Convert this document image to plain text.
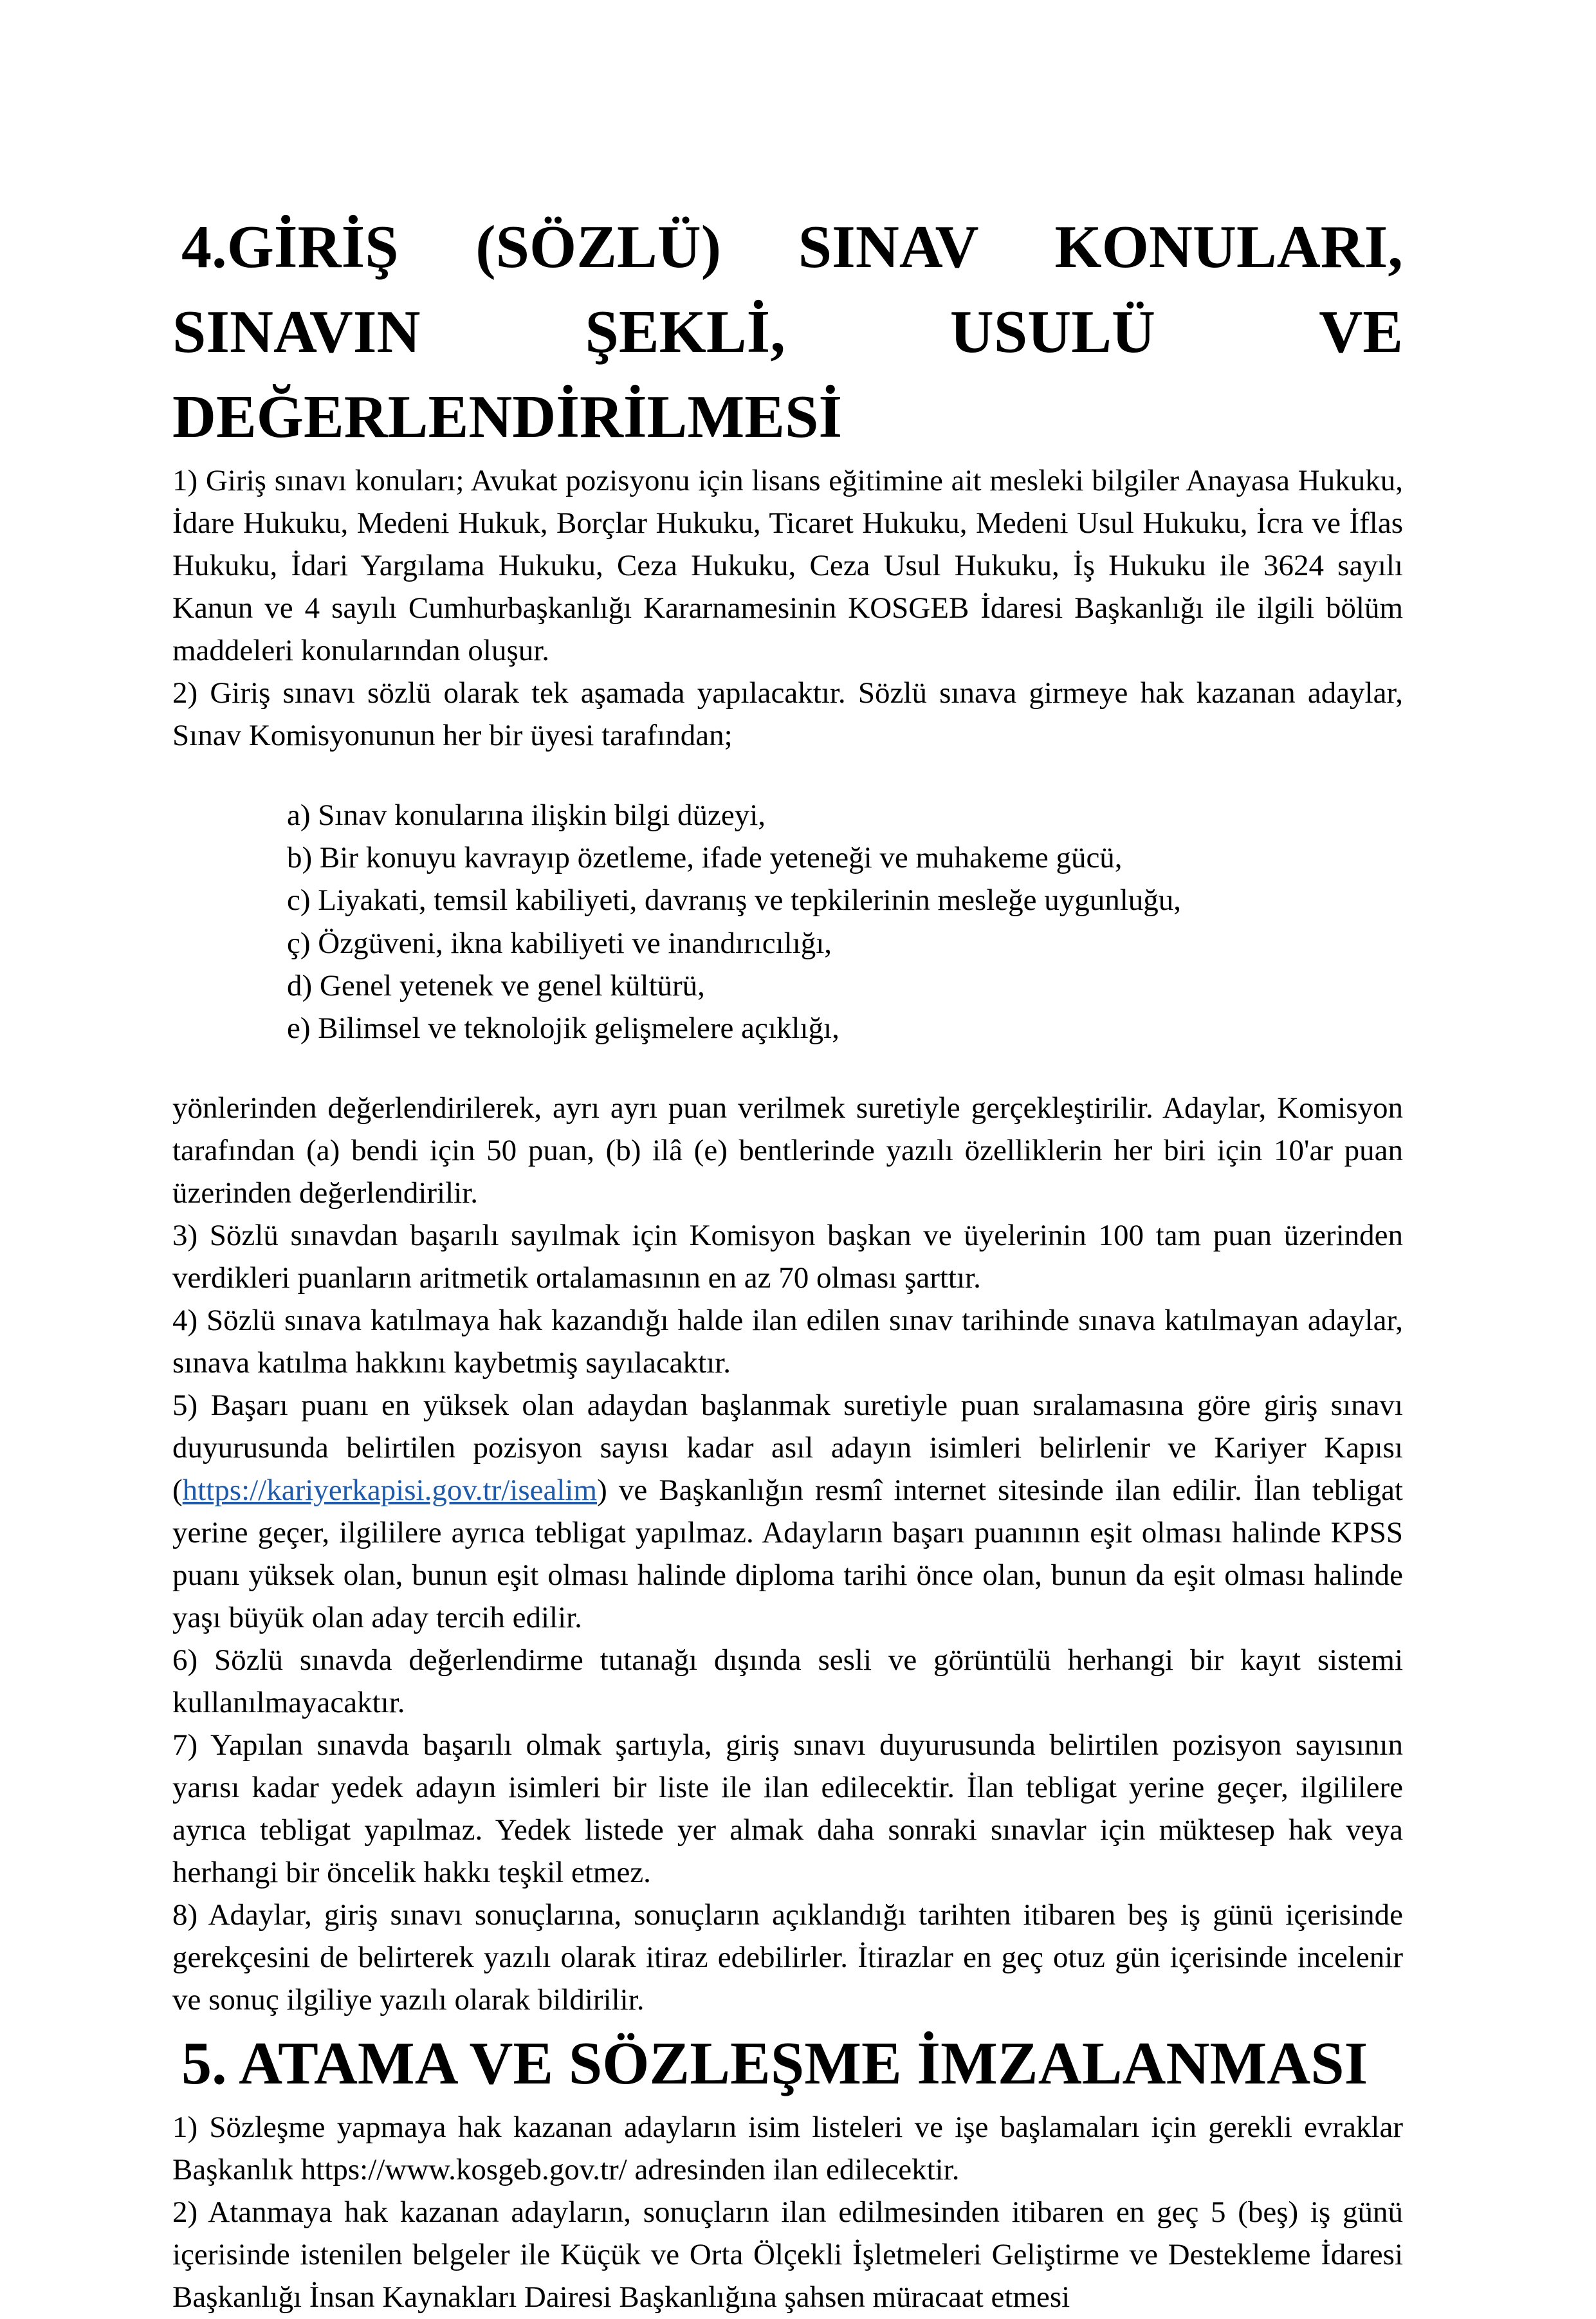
4.GİRİŞ (SÖZLÜ) SINAV KONULARI, SINAVIN ŞEKLİ, USULÜ VE DEĞERLENDİRİLMESİ

1) Giriş sınavı konuları; Avukat pozisyonu için lisans eğitimine ait mesleki bilgiler Anayasa Hukuku, İdare Hukuku, Medeni Hukuk, Borçlar Hukuku, Ticaret Hukuku, Medeni Usul Hukuku, İcra ve İflas Hukuku, İdari Yargılama Hukuku, Ceza Hukuku, Ceza Usul Hukuku, İş Hukuku ile 3624 sayılı Kanun ve 4 sayılı Cumhurbaşkanlığı Kararnamesinin KOSGEB İdaresi Başkanlığı ile ilgili bölüm maddeleri konularından oluşur.

2) Giriş sınavı sözlü olarak tek aşamada yapılacaktır. Sözlü sınava girmeye hak kazanan adaylar, Sınav Komisyonunun her bir üyesi tarafından;

a) Sınav konularına ilişkin bilgi düzeyi,
b) Bir konuyu kavrayıp özetleme, ifade yeteneği ve muhakeme gücü,
c) Liyakati, temsil kabiliyeti, davranış ve tepkilerinin mesleğe uygunluğu,
ç) Özgüveni, ikna kabiliyeti ve inandırıcılığı,
d) Genel yetenek ve genel kültürü,
e) Bilimsel ve teknolojik gelişmelere açıklığı,

yönlerinden değerlendirilerek, ayrı ayrı puan verilmek suretiyle gerçekleştirilir. Adaylar, Komisyon tarafından (a) bendi için 50 puan, (b) ilâ (e) bentlerinde yazılı özelliklerin her biri için 10'ar puan üzerinden değerlendirilir.

3) Sözlü sınavdan başarılı sayılmak için Komisyon başkan ve üyelerinin 100 tam puan üzerinden verdikleri puanların aritmetik ortalamasının en az 70 olması şarttır.

4) Sözlü sınava katılmaya hak kazandığı halde ilan edilen sınav tarihinde sınava katılmayan adaylar, sınava katılma hakkını kaybetmiş sayılacaktır.

5) Başarı puanı en yüksek olan adaydan başlanmak suretiyle puan sıralamasına göre giriş sınavı duyurusunda belirtilen pozisyon sayısı kadar asıl adayın isimleri belirlenir ve Kariyer Kapısı (https://kariyerkapisi.gov.tr/isealim) ve Başkanlığın resmî internet sitesinde ilan edilir. İlan tebligat yerine geçer, ilgililere ayrıca tebligat yapılmaz. Adayların başarı puanının eşit olması halinde KPSS puanı yüksek olan, bunun eşit olması halinde diploma tarihi önce olan, bunun da eşit olması halinde yaşı büyük olan aday tercih edilir.

6) Sözlü sınavda değerlendirme tutanağı dışında sesli ve görüntülü herhangi bir kayıt sistemi kullanılmayacaktır.

7) Yapılan sınavda başarılı olmak şartıyla, giriş sınavı duyurusunda belirtilen pozisyon sayısının yarısı kadar yedek adayın isimleri bir liste ile ilan edilecektir. İlan tebligat yerine geçer, ilgililere ayrıca tebligat yapılmaz. Yedek listede yer almak daha sonraki sınavlar için müktesep hak veya herhangi bir öncelik hakkı teşkil etmez.

8) Adaylar, giriş sınavı sonuçlarına, sonuçların açıklandığı tarihten itibaren beş iş günü içerisinde gerekçesini de belirterek yazılı olarak itiraz edebilirler. İtirazlar en geç otuz gün içerisinde incelenir ve sonuç ilgiliye yazılı olarak bildirilir.

5. ATAMA VE SÖZLEŞME İMZALANMASI

1) Sözleşme yapmaya hak kazanan adayların isim listeleri ve işe başlamaları için gerekli evraklar Başkanlık https://www.kosgeb.gov.tr/ adresinden ilan edilecektir.

2) Atanmaya hak kazanan adayların, sonuçların ilan edilmesinden itibaren en geç 5 (beş) iş günü içerisinde istenilen belgeler ile Küçük ve Orta Ölçekli İşletmeleri Geliştirme ve Destekleme İdaresi Başkanlığı İnsan Kaynakları Dairesi Başkanlığına şahsen müracaat etmesi
